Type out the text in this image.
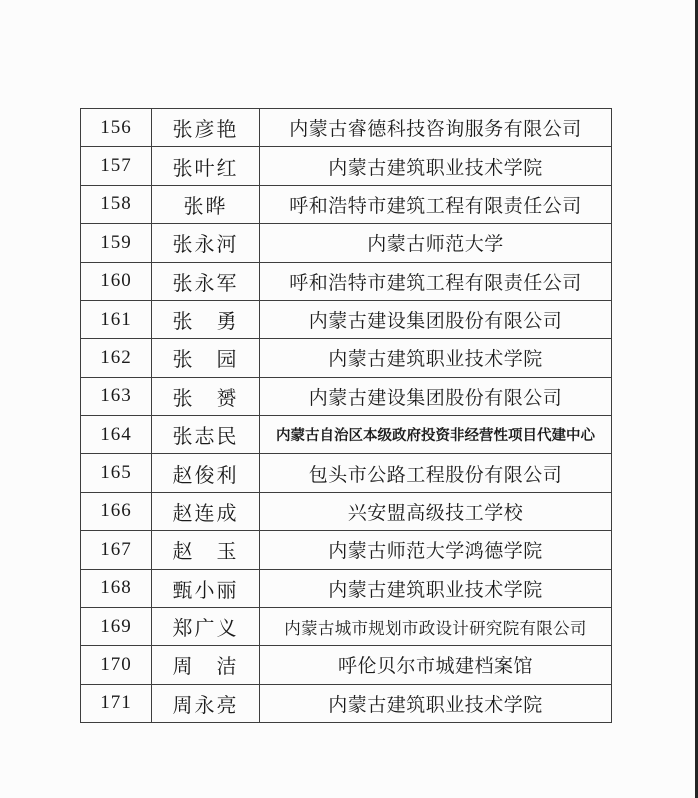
156	张彦艳	内蒙古睿德科技咨询服务有限公司
157	张叶红	内蒙古建筑职业技术学院
158	张晔	呼和浩特市建筑工程有限责任公司
159	张永河	内蒙古师范大学
160	张永军	呼和浩特市建筑工程有限责任公司
161	张　勇	内蒙古建设集团股份有限公司
162	张　园	内蒙古建筑职业技术学院
163	张　赟	内蒙古建设集团股份有限公司
164	张志民	内蒙古自治区本级政府投资非经营性项目代建中心
165	赵俊利	包头市公路工程股份有限公司
166	赵连成	兴安盟高级技工学校
167	赵　玉	内蒙古师范大学鸿德学院
168	甄小丽	内蒙古建筑职业技术学院
169	郑广义	内蒙古城市规划市政设计研究院有限公司
170	周　洁	呼伦贝尔市城建档案馆
171	周永亮	内蒙古建筑职业技术学院
